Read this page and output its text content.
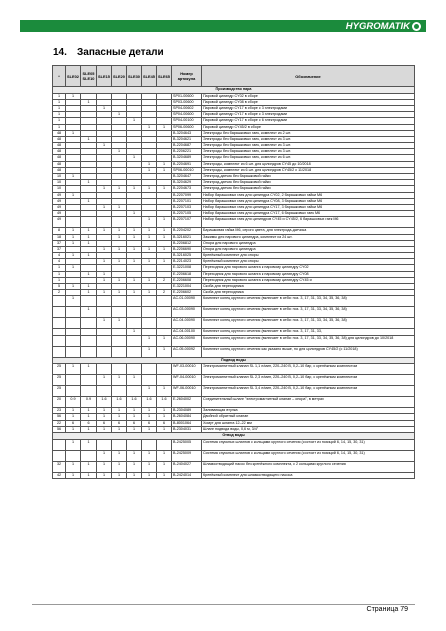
HYGROMATIK
14. Запасные детали
*	SLE02	SLE05 SLE10	SLE15	SLE20	SLE30	SLE45	SLE65	Номер артикула	Обозначение
Производство пара									
1	1							SP01-00600	Паровой цилиндр CY02 в сборе
1		1						SP03-00600	Паровой цилиндр CY08 в сборе
1			1					SP04-00602	Паровой цилиндр CY17 в сборе с 3 электродами
1				1				SP04-00600	Паровой цилиндр CY17 в сборе с 3 электродами
1					1			SP04-00100	Паровой цилиндр CY17 в сборе с 6 электродами
1						1	1	SP06-00600	Паровой цилиндр CY45/2 в сборе
48	1							B-3204643	Электроды без барашковых гаек, комплект из 2 шт.
48		1						B-3204621	Электроды без барашковых гаек, комплект из 3 шт.
48			1					B-2204687	Электроды без барашковых гаек, комплект из 3 шт.
48				1				B-2206221	Электроды без барашковых гаек, комплект из 3 шт.
48					1			B-3204689	Электроды без барашковых гаек, комплект из 6 шт.
48						1	1	B-2204691	Электроды, комплект из 6 шт. для цилиндров CY45 до 10/2018
48						1	1	SP06-00010	Электроды, комплект из 6 шт. для цилиндров CY45/2 с 11/2018
10	1							B-3204647	Электрод-датчик без барашковой гайки
10		1						B-3204629	Электрод-датчик без барашковой гайки
10			1	1	1	1	1	B-2204673	Электрод-датчик без барашковой гайки
49	1							B-2207099	Набор барашковых гаек для цилиндра CY02, 2 барашковых гайки M6
49		1						B-2207101	Набор барашковых гаек для цилиндра CY08, 3 барашковых гайки M6
49			1	1				B-2207103	Набор барашковых гаек для цилиндра CY17, 3 барашковых гайки M6
49					1			B-2207105	Набор барашковых гаек для цилиндра CY17, 6 барашковых гаек M6
49						1	1	B-2207107	Набор барашковых гаек для цилиндров CY45 и CY45/2, 6 барашковых гаек M6
8	1	1	1	1	1	1	1	B-2204202	Барашковая гайка M6, серого цвета, для электрода-датчика
18	1	1		1	1	1	1	B-3216021	Зажимы для парового цилиндра, комплект из 24 шт.
37	1	1						B-2206812	Опора для парового цилиндра
37			1	1	1	1	1	B-2206690	Опора для парового цилиндра
4	1	1						B-3216025	Крепёжный комплект для опоры
4			1	1	1	1	1	B-2214023	Крепёжный комплект для опоры
1	1							E-3221008	Переходник для парового шланга к паровому цилиндру CY02
1		1	1					E-2206618	Переходник для парового шланга к паровому цилиндру CY08
1			1	1	1	1	2	E-2206608	Переходник для парового шланга к паровому цилиндру CY45 и
5	1	1						E-3221004	Скоба для переходника
2		1	1	1	1	1	2	E-2206602	Скоба для переходника
	1							AC-01-00090	Комплект колец круглого сечения (включает в себя: поз. 3, 17, 31, 33, 34, 35, 36, 38)
		1						AC-03-00090	Комплект колец круглого сечения (включает в себя: поз. 3, 17, 31, 33, 34, 35, 36, 38)
			1	1				AC-04-00090	Комплект колец круглого сечения (включает в себя: поз. 3, 17, 31, 33, 34, 35, 36, 38)
					1			AC-04-00100	Комплект колец круглого сечения (включает в себя: поз. 3, 17, 31, 33,
						1	1	AC-06-00090	Комплект колец круглого сечения (включает в себя: поз. 3, 17, 31, 33, 34, 35, 36, 38) для цилиндров до 10/2018
						1	1	AC-05-00092	Комплект колец круглого сечения как указано выше, но для цилиндров CY45/2 (с 11/2018)
Подвод воды									
25	1	1						WF-03-00010	Электромагнитный клапан SL 1,1 л/мин, 220–240 В, 0,2–10 бар, с крепёжным комплектом
25			1	1	1			WF-04-00010	Электромагнитный клапан SL 2,3 л/мин, 220–240 В, 0,2–10 бар, с крепёжным комплектом
25						1	1	WF-06-00010	Электромагнитный клапан SL 3,4 л/мин, 220–240 В, 0,2–10 бар, с крепёжным комплектом
20	0.9	0.9	1.6	1.6	1.6	1.6	1.6	E-2604002	Соединительный шланг "электромагнитный клапан – опора", в метрах
23	1	1	1	1	1	1	1	B-2304089	Заливающая втулка
56	1	1	1	1	1	1	1	B-2604084	Двойной обратный клапан
22	6	6	6	6	6	6	6	B-8001064	Хомут для шланга 12–22 мм
56	1	1	1	1	1	1	1	B-2304031	Шланг подвода воды, 0,6 м, 3/4"
Отвод воды									
	1	1						B-2425005	Система спускных шлангов с кольцами круглого сечения (состоит из позиций 6, 14, 15, 30, 31)
			1	1	1	1	1	B-2425009	Система спускных шлангов с кольцами круглого сечения (состоит из позиций 6, 14, 15, 30, 31)
32	1	1	1	1	1	1	1	B-2404027	Шламоотводящий насос без крепёжного комплекта, с 2 кольцами круглого сечения
42	1	1	1	1	1	1	1	B-2424014	Крепёжный комплект для шламоотводящего насоса
Страница 79
